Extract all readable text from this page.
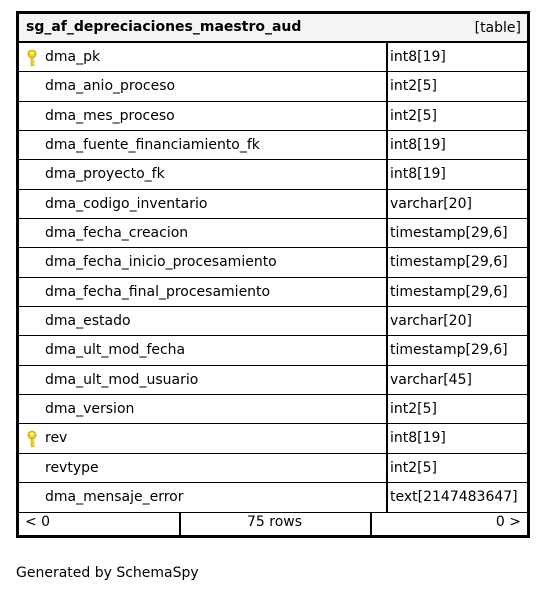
sg_af_depreciaciones_maestro_aud	[table]
dma_pk	int8[19]
dma_anio_proceso	int2[5]
dma_mes_proceso	int2[5]
dma_fuente_financiamiento_fk	int8[19]
dma_proyecto_fk	int8[19]
dma_codigo_inventario	varchar[20]
dma_fecha_creacion	timestamp[29,6]
dma_fecha_inicio_procesamiento	timestamp[29,6]
dma_fecha_final_procesamiento	timestamp[29,6]
dma_estado	varchar[20]
dma_ult_mod_fecha	timestamp[29,6]
dma_ult_mod_usuario	varchar[45]
dma_version	int2[5]
rev	int8[19]
revtype	int2[5]
dma_mensaje_error	text[2147483647]
< 0	75 rows	0 >
Generated by SchemaSpy
